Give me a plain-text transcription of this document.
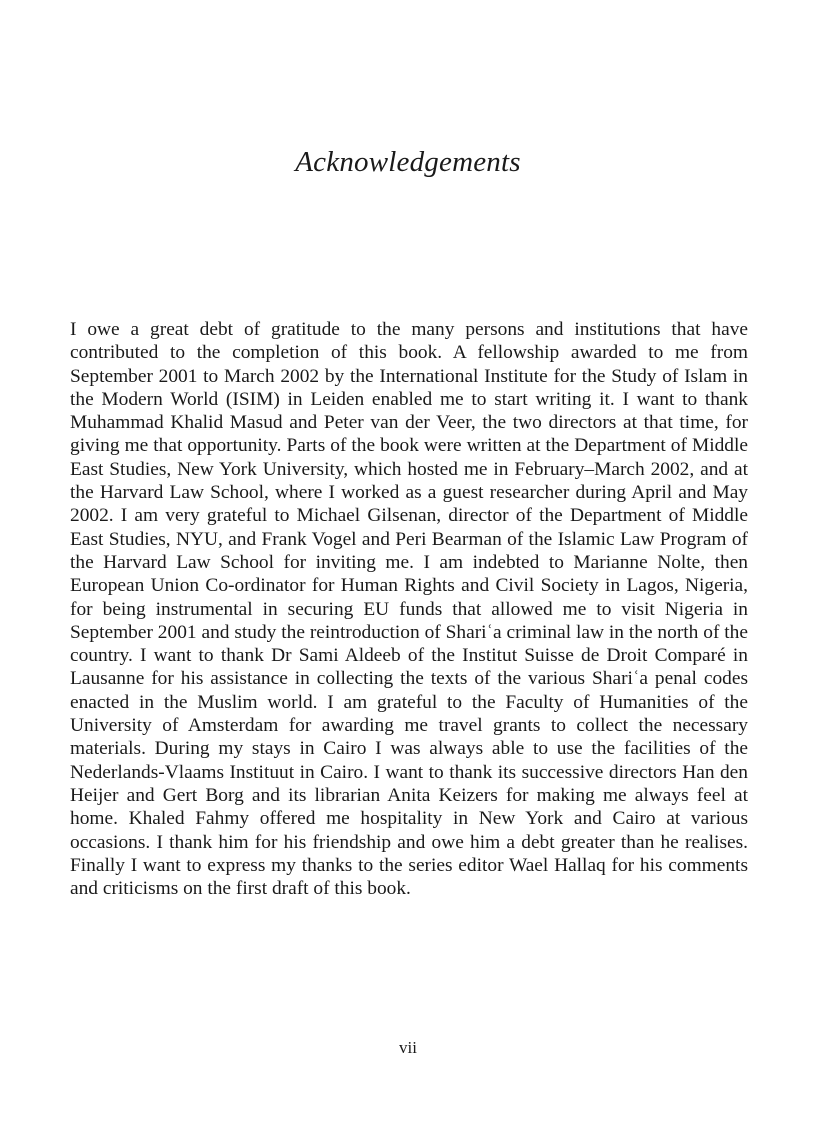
Acknowledgements

I owe a great debt of gratitude to the many persons and institutions that have contributed to the completion of this book. A fellowship awarded to me from September 2001 to March 2002 by the International Institute for the Study of Islam in the Modern World (ISIM) in Leiden enabled me to start writing it. I want to thank Muhammad Khalid Masud and Peter van der Veer, the two directors at that time, for giving me that opportunity. Parts of the book were written at the Department of Middle East Studies, New York University, which hosted me in February–March 2002, and at the Harvard Law School, where I worked as a guest researcher during April and May 2002. I am very grateful to Michael Gilsenan, director of the Department of Middle East Studies, NYU, and Frank Vogel and Peri Bearman of the Islamic Law Program of the Harvard Law School for inviting me. I am indebted to Marianne Nolte, then European Union Co-ordinator for Human Rights and Civil Society in Lagos, Nigeria, for being instrumental in securing EU funds that allowed me to visit Nigeria in September 2001 and study the reintroduction of Shariʿa criminal law in the north of the country. I want to thank Dr Sami Aldeeb of the Institut Suisse de Droit Comparé in Lausanne for his assistance in collecting the texts of the various Shariʿa penal codes enacted in the Muslim world. I am grateful to the Faculty of Humanities of the University of Amsterdam for awarding me travel grants to collect the necessary materials. During my stays in Cairo I was always able to use the facilities of the Nederlands-Vlaams Instituut in Cairo. I want to thank its successive directors Han den Heijer and Gert Borg and its librarian Anita Keizers for making me always feel at home. Khaled Fahmy offered me hospitality in New York and Cairo at various occasions. I thank him for his friendship and owe him a debt greater than he realises. Finally I want to express my thanks to the series editor Wael Hallaq for his comments and criticisms on the first draft of this book.

vii
